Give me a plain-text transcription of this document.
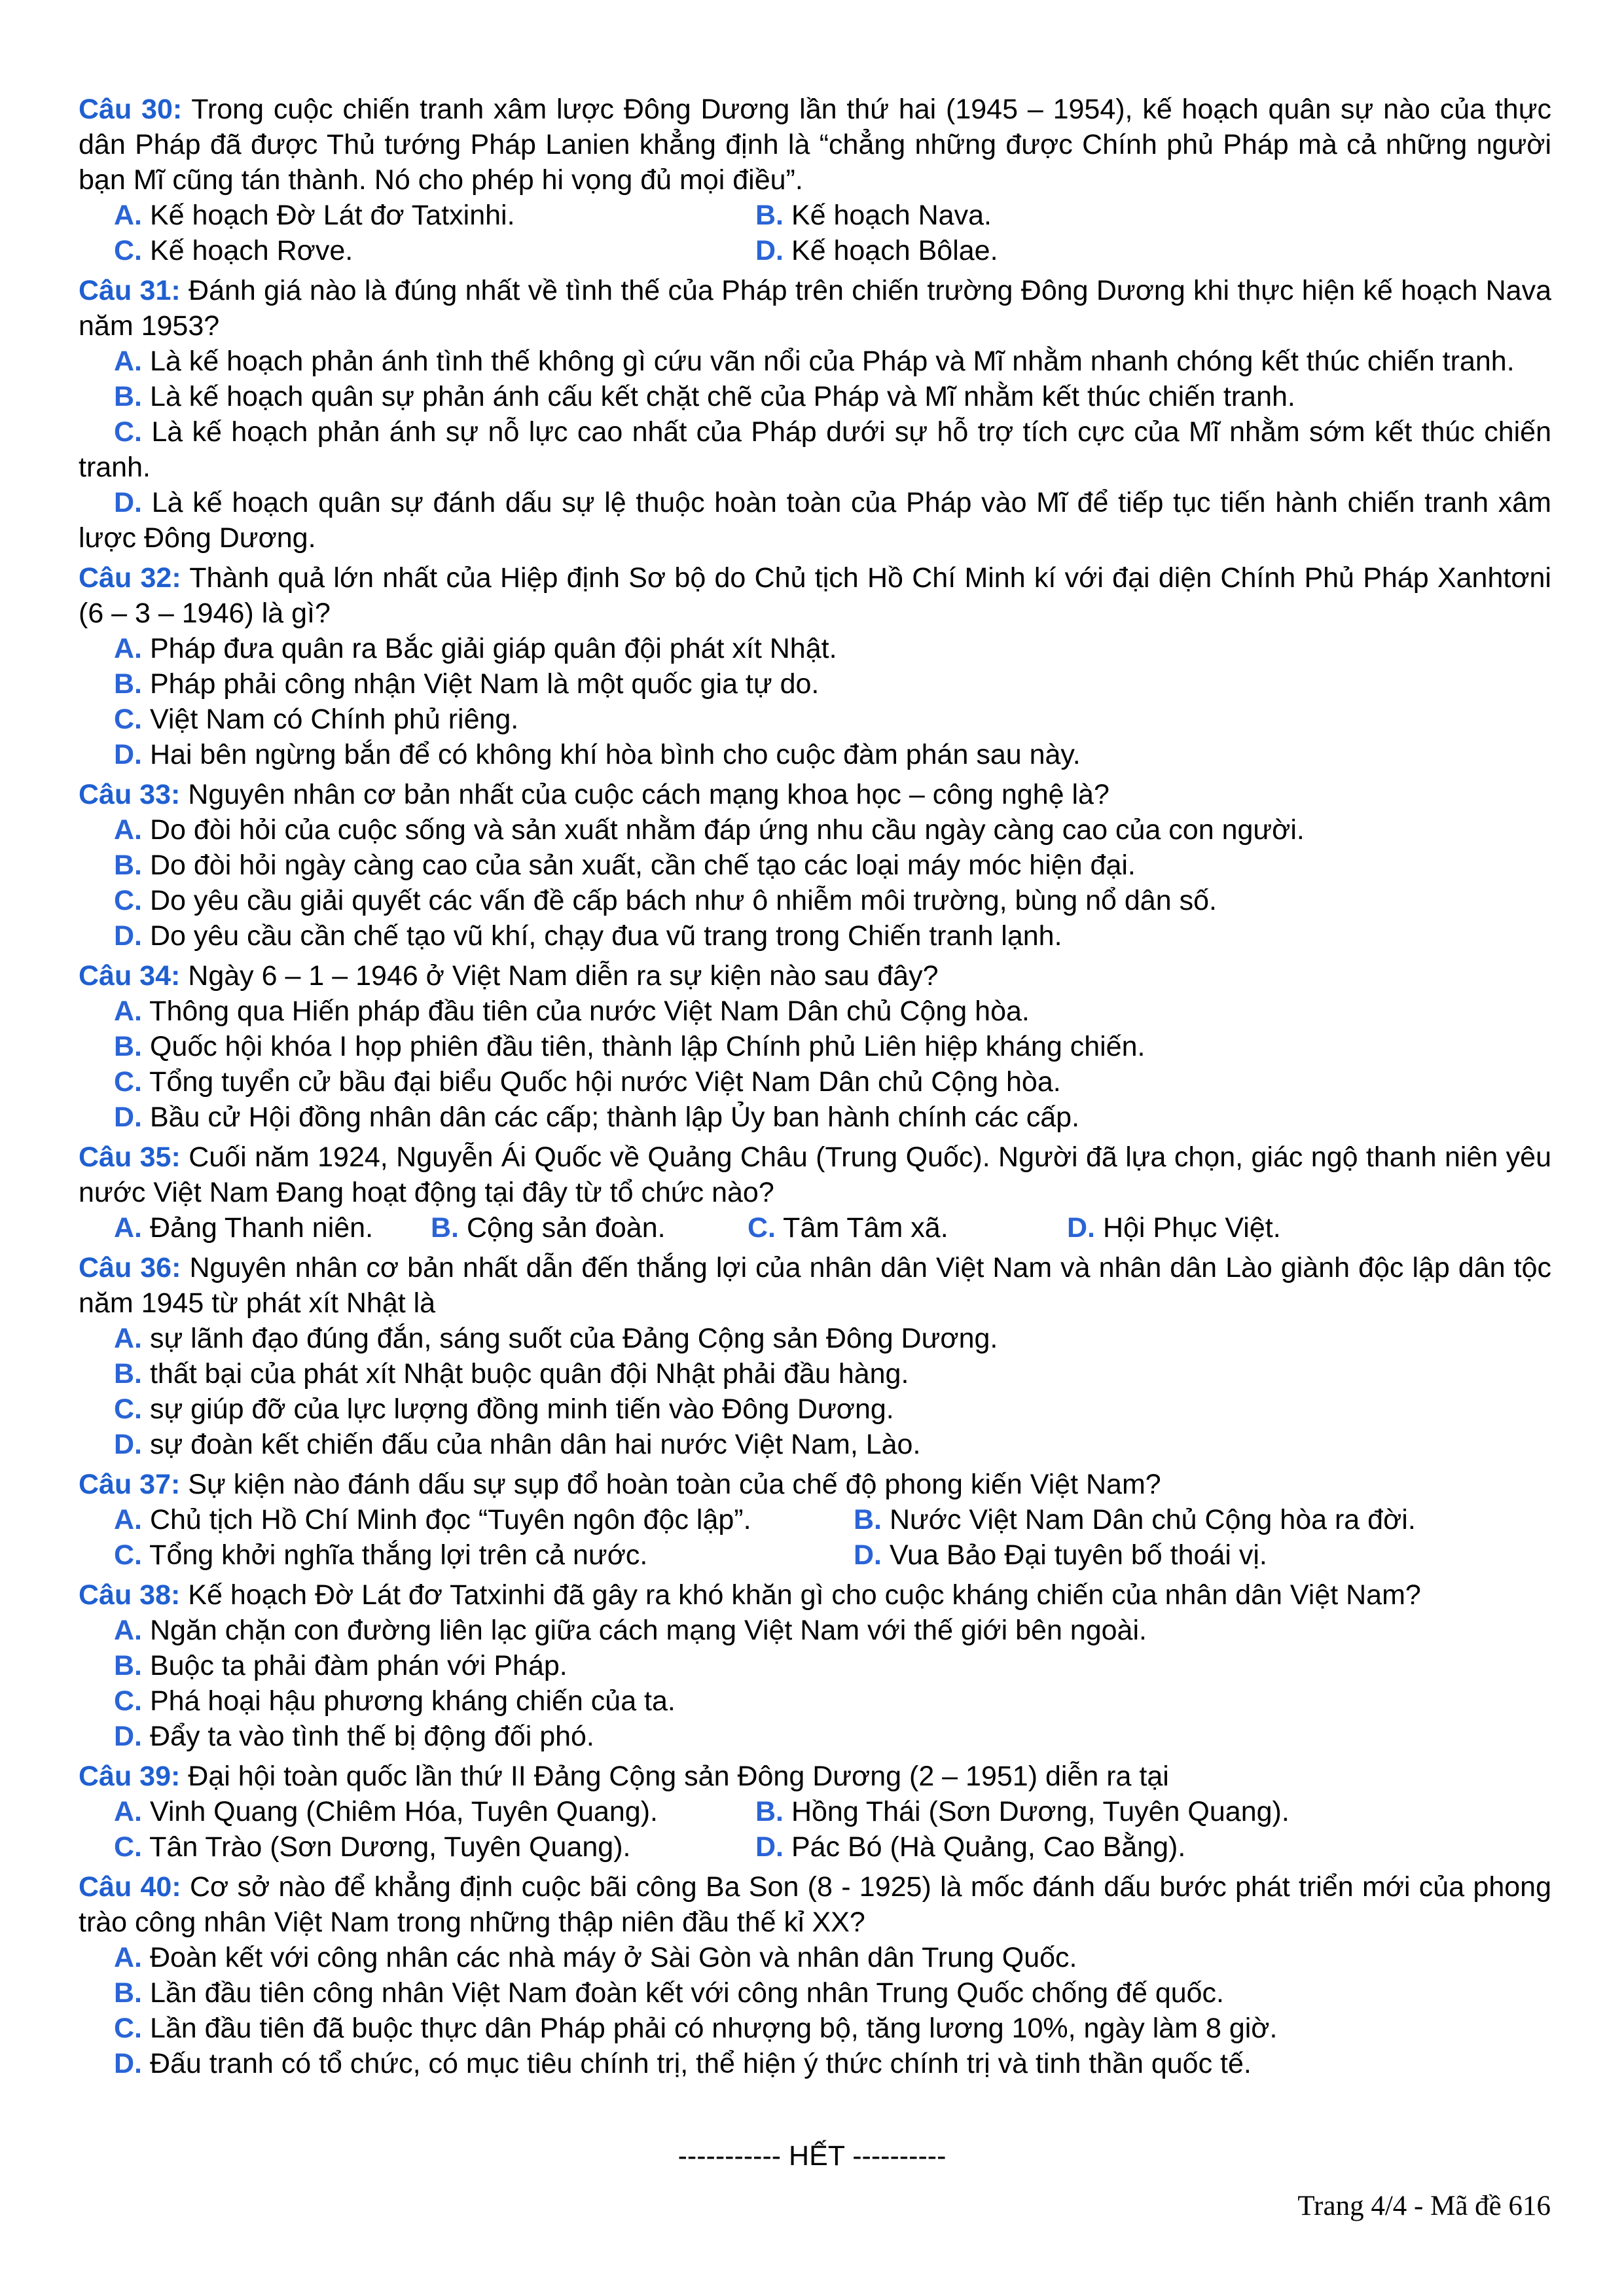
Câu 30: Trong cuộc chiến tranh xâm lược Đông Dương lần thứ hai (1945 – 1954), kế hoạch quân sự nào của thực dân Pháp đã được Thủ tướng Pháp Lanien khẳng định là “chẳng những được Chính phủ Pháp mà cả những người bạn Mĩ cũng tán thành. Nó cho phép hi vọng đủ mọi điều”.
A. Kế hoạch Đờ Lát đơ Tatxinhi.	B. Kế hoạch Nava.
C. Kế hoạch Rơve.	D. Kế hoạch Bôlae.
Câu 31: Đánh giá nào là đúng nhất về tình thế của Pháp trên chiến trường Đông Dương khi thực hiện kế hoạch Nava năm 1953?
A. Là kế hoạch phản ánh tình thế không gì cứu vãn nổi của Pháp và Mĩ nhằm nhanh chóng kết thúc chiến tranh.
B. Là kế hoạch quân sự phản ánh cấu kết chặt chẽ của Pháp và Mĩ nhằm kết thúc chiến tranh.
C. Là kế hoạch phản ánh sự nỗ lực cao nhất của Pháp dưới sự hỗ trợ tích cực của Mĩ nhằm sớm kết thúc chiến tranh.
D. Là kế hoạch quân sự đánh dấu sự lệ thuộc hoàn toàn của Pháp vào Mĩ để tiếp tục tiến hành chiến tranh xâm lược Đông Dương.
Câu 32: Thành quả lớn nhất của Hiệp định Sơ bộ do Chủ tịch Hồ Chí Minh kí với đại diện Chính Phủ Pháp Xanhtơni (6 – 3 – 1946) là gì?
A. Pháp đưa quân ra Bắc giải giáp quân đội phát xít Nhật.
B. Pháp phải công nhận Việt Nam là một quốc gia tự do.
C. Việt Nam có Chính phủ riêng.
D. Hai bên ngừng bắn để có không khí hòa bình cho cuộc đàm phán sau này.
Câu 33: Nguyên nhân cơ bản nhất của cuộc cách mạng khoa học – công nghệ là?
A. Do đòi hỏi của cuộc sống và sản xuất nhằm đáp ứng nhu cầu ngày càng cao của con người.
B. Do đòi hỏi ngày càng cao của sản xuất, cần chế tạo các loại máy móc hiện đại.
C. Do yêu cầu giải quyết các vấn đề cấp bách như ô nhiễm môi trường, bùng nổ dân số.
D. Do yêu cầu cần chế tạo vũ khí, chạy đua vũ trang trong Chiến tranh lạnh.
Câu 34: Ngày 6 – 1 – 1946 ở Việt Nam diễn ra sự kiện nào sau đây?
A. Thông qua Hiến pháp đầu tiên của nước Việt Nam Dân chủ Cộng hòa.
B. Quốc hội khóa I họp phiên đầu tiên, thành lập Chính phủ Liên hiệp kháng chiến.
C. Tổng tuyển cử bầu đại biểu Quốc hội nước Việt Nam Dân chủ Cộng hòa.
D. Bầu cử Hội đồng nhân dân các cấp; thành lập Ủy ban hành chính các cấp.
Câu 35: Cuối năm 1924, Nguyễn Ái Quốc về Quảng Châu (Trung Quốc). Người đã lựa chọn, giác ngộ thanh niên yêu nước Việt Nam Đang hoạt động tại đây từ tổ chức nào?
A. Đảng Thanh niên.	B. Cộng sản đoàn.	C. Tâm Tâm xã.	D. Hội Phục Việt.
Câu 36: Nguyên nhân cơ bản nhất dẫn đến thắng lợi của nhân dân Việt Nam và nhân dân Lào giành độc lập dân tộc năm 1945 từ phát xít Nhật là
A. sự lãnh đạo đúng đắn, sáng suốt của Đảng Cộng sản Đông Dương.
B. thất bại của phát xít Nhật buộc quân đội Nhật phải đầu hàng.
C. sự giúp đỡ của lực lượng đồng minh tiến vào Đông Dương.
D. sự đoàn kết chiến đấu của nhân dân hai nước Việt Nam, Lào.
Câu 37: Sự kiện nào đánh dấu sự sụp đổ hoàn toàn của chế độ phong kiến Việt Nam?
A. Chủ tịch Hồ Chí Minh đọc “Tuyên ngôn độc lập”.	B. Nước Việt Nam Dân chủ Cộng hòa ra đời.
C. Tổng khởi nghĩa thắng lợi trên cả nước.	D. Vua Bảo Đại tuyên bố thoái vị.
Câu 38: Kế hoạch Đờ Lát đơ Tatxinhi đã gây ra khó khăn gì cho cuộc kháng chiến của nhân dân Việt Nam?
A. Ngăn chặn con đường liên lạc giữa cách mạng Việt Nam với thế giới bên ngoài.
B. Buộc ta phải đàm phán với Pháp.
C. Phá hoại hậu phương kháng chiến của ta.
D. Đẩy ta vào tình thế bị động đối phó.
Câu 39: Đại hội toàn quốc lần thứ II Đảng Cộng sản Đông Dương (2 – 1951) diễn ra tại
A. Vinh Quang (Chiêm Hóa, Tuyên Quang).	B. Hồng Thái (Sơn Dương, Tuyên Quang).
C. Tân Trào (Sơn Dương, Tuyên Quang).	D. Pác Bó (Hà Quảng, Cao Bằng).
Câu 40: Cơ sở nào để khẳng định cuộc bãi công Ba Son (8 - 1925) là mốc đánh dấu bước phát triển mới của phong trào công nhân Việt Nam trong những thập niên đầu thế kỉ XX?
A. Đoàn kết với công nhân các nhà máy ở Sài Gòn và nhân dân Trung Quốc.
B. Lần đầu tiên công nhân Việt Nam đoàn kết với công nhân Trung Quốc chống đế quốc.
C. Lần đầu tiên đã buộc thực dân Pháp phải có nhượng bộ, tăng lương 10%, ngày làm 8 giờ.
D. Đấu tranh có tổ chức, có mục tiêu chính trị, thể hiện ý thức chính trị và tinh thần quốc tế.
----------- HẾT ----------
Trang 4/4 - Mã đề 616
